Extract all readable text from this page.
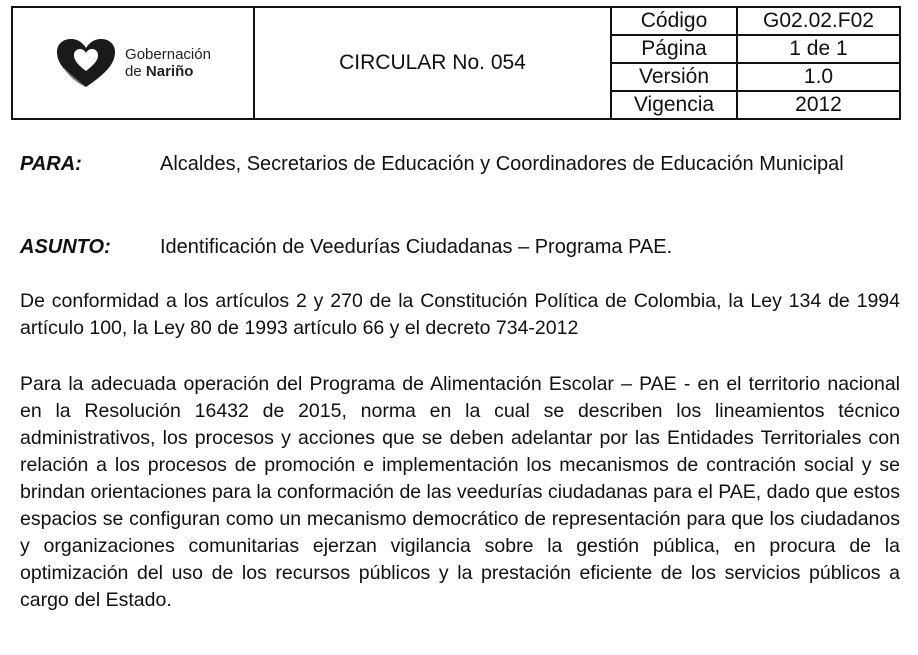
Gobernación
de Nariño	CIRCULAR No. 054	Código	G02.02.F02
		Página	1 de 1
		Versión	1.0
		Vigencia	2012
PARA:	Alcaldes, Secretarios de Educación y Coordinadores de Educación Municipal
ASUNTO: Identificación de Veedurías Ciudadanas – Programa PAE.
De conformidad a los artículos 2 y 270 de la Constitución Política de Colombia, la Ley 134 de 1994 artículo 100, la Ley 80 de 1993 artículo 66 y el decreto 734-2012
Para la adecuada operación del Programa de Alimentación Escolar – PAE - en el territorio nacional en la Resolución 16432 de 2015, norma en la cual se describen los lineamientos técnico administrativos, los procesos y acciones que se deben adelantar por las Entidades Territoriales con relación a los procesos de promoción e implementación los mecanismos de contración social y se brindan orientaciones para la conformación de las veedurías ciudadanas para el PAE, dado que estos espacios se configuran como un mecanismo democrático de representación para que los ciudadanos y organizaciones comunitarias ejerzan vigilancia sobre la gestión pública, en procura de la optimización del uso de los recursos públicos y la prestación eficiente de los servicios públicos a cargo del Estado.
